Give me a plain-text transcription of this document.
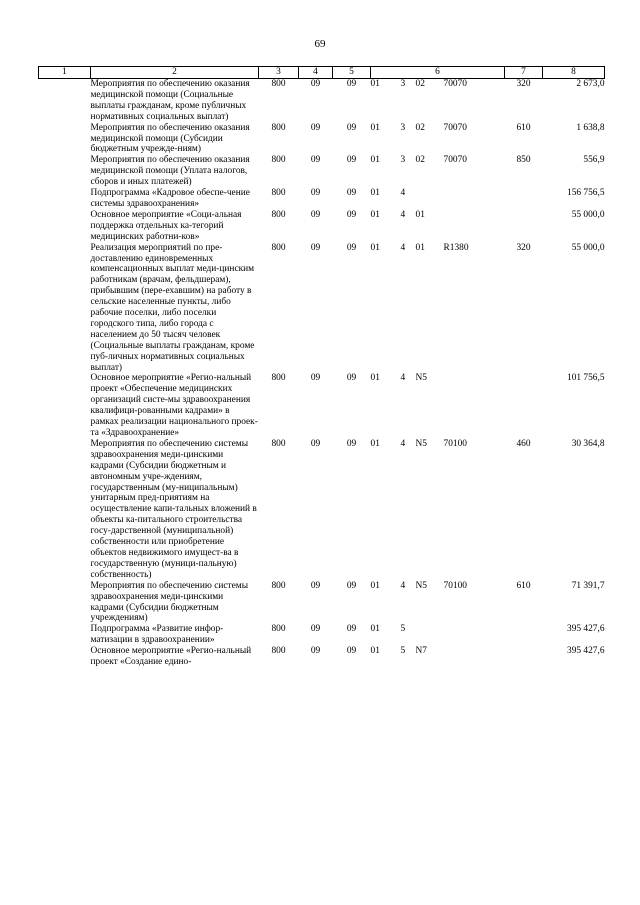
69
1	2	3	4	5	6				7	8
	Мероприятия по обеспечению оказания медицинской помощи (Социальные выплаты гражданам, кроме публичных нормативных социальных выплат)	800	09	09	01	3	02	70070	320	2 673,0
	Мероприятия по обеспечению оказания медицинской помощи (Субсидии бюджетным учрежде-ниям)	800	09	09	01	3	02	70070	610	1 638,8
	Мероприятия по обеспечению оказания медицинской помощи (Уплата налогов, сборов и иных платежей)	800	09	09	01	3	02	70070	850	556,9
	Подпрограмма «Кадровое обеспе-чение системы здравоохранения»	800	09	09	01	4				156 756,5
	Основное мероприятие «Соци-альная поддержка отдельных ка-тегорий медицинских работни-ков»	800	09	09	01	4	01			55 000,0
	Реализация мероприятий по пре-доставлению единовременных компенсационных выплат меди-цинским работникам (врачам, фельдшерам), прибывшим (пере-ехавшим) на работу в сельские населенные пункты, либо рабочие поселки, либо поселки городского типа, либо города с населением до 50 тысяч человек (Социальные выплаты гражданам, кроме пуб-личных нормативных социальных выплат)	800	09	09	01	4	01	R1380	320	55 000,0
	Основное мероприятие «Регио-нальный проект «Обеспечение медицинских организаций систе-мы здравоохранения квалифици-рованными кадрами» в рамках реализации национального проек-та «Здравоохранение»	800	09	09	01	4	N5			101 756,5
	Мероприятия по обеспечению системы здравоохранения меди-цинскими кадрами (Субсидии бюджетным и автономным учре-ждениям, государственным (му-ниципальным) унитарным пред-приятиям на осуществление капи-тальных вложений в объекты ка-питального строительства госу-дарственной (муниципальной) собственности или приобретение объектов недвижимого имущест-ва в государственную (муници-пальную) собственность)	800	09	09	01	4	N5	70100	460	30 364,8
	Мероприятия по обеспечению системы здравоохранения меди-цинскими кадрами (Субсидии бюджетным учреждениям)	800	09	09	01	4	N5	70100	610	71 391,7
	Подпрограмма «Развитие инфор-матизации в здравоохранении»	800	09	09	01	5				395 427,6
	Основное мероприятие «Регио-нальный проект «Создание едино-	800	09	09	01	5	N7			395 427,6
